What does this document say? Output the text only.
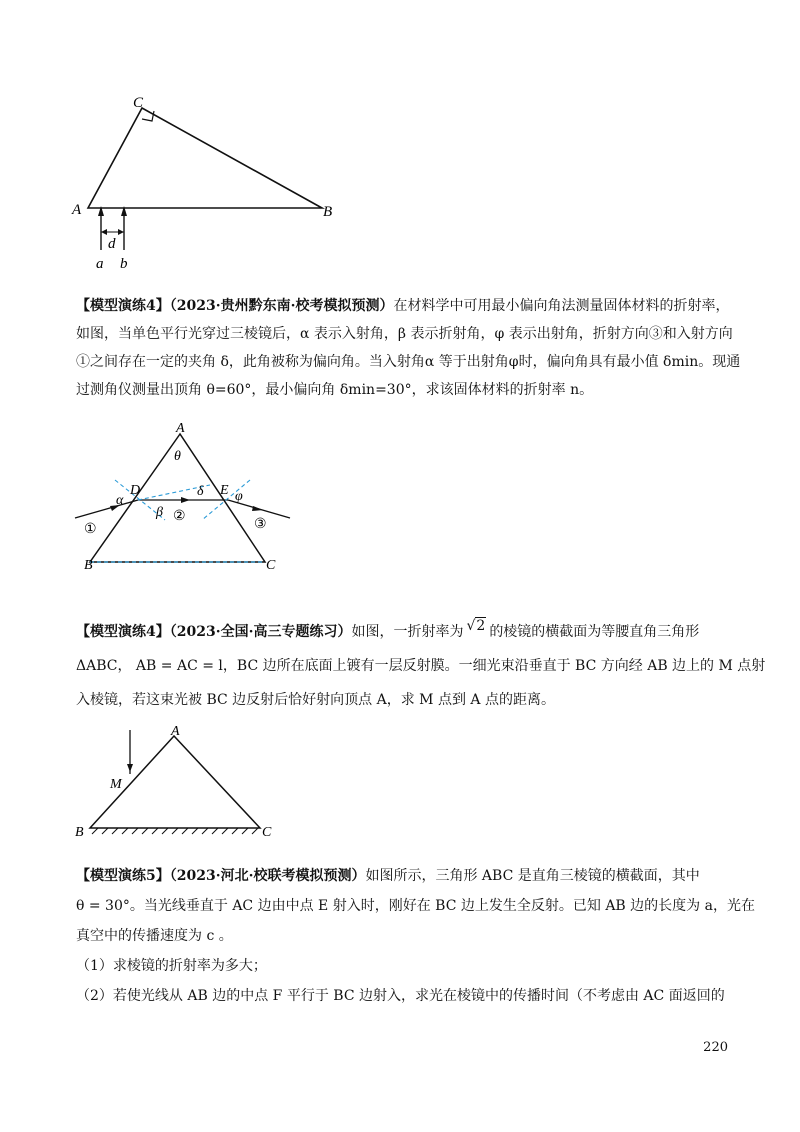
C
A	B
d
a b
【模型演练4】（2023·贵州黔东南·校考模拟预测）在材料学中可用最小偏向角法测量固体材料的折射率，
如图，当单色平行光穿过三棱镜后，α 表示入射角，β 表示折射角，φ 表示出射角，折射方向③和入射方向
①之间存在一定的夹角 δ，此角被称为偏向角。当入射角α 等于出射角φ时，偏向角具有最小值 δmin。现通
过测角仪测量出顶角 θ=60°，最小偏向角 δmin=30°，求该固体材料的折射率 n。
A
θ
D	E
α
β
δ φ
①
②
③
B	C
【模型演练4】（2023·全国·高三专题练习）如图，一折射率为 √2 的棱镜的横截面为等腰直角三角形
ΔABC， AB = AC = l，BC 边所在底面上镀有一层反射膜。一细光束沿垂直于 BC 方向经 AB 边上的 M 点射
入棱镜，若这束光被 BC 边反射后恰好射向顶点 A，求 M 点到 A 点的距离。
A
M
B	C
【模型演练5】（2023·河北·校联考模拟预测）如图所示，三角形 ABC 是直角三棱镜的横截面，其中
θ = 30°。当光线垂直于 AC 边由中点 E 射入时，刚好在 BC 边上发生全反射。已知 AB 边的长度为 a，光在
真空中的传播速度为 c 。
（1）求棱镜的折射率为多大；
（2）若使光线从 AB 边的中点 F 平行于 BC 边射入，求光在棱镜中的传播时间（不考虑由 AC 面返回的
220
